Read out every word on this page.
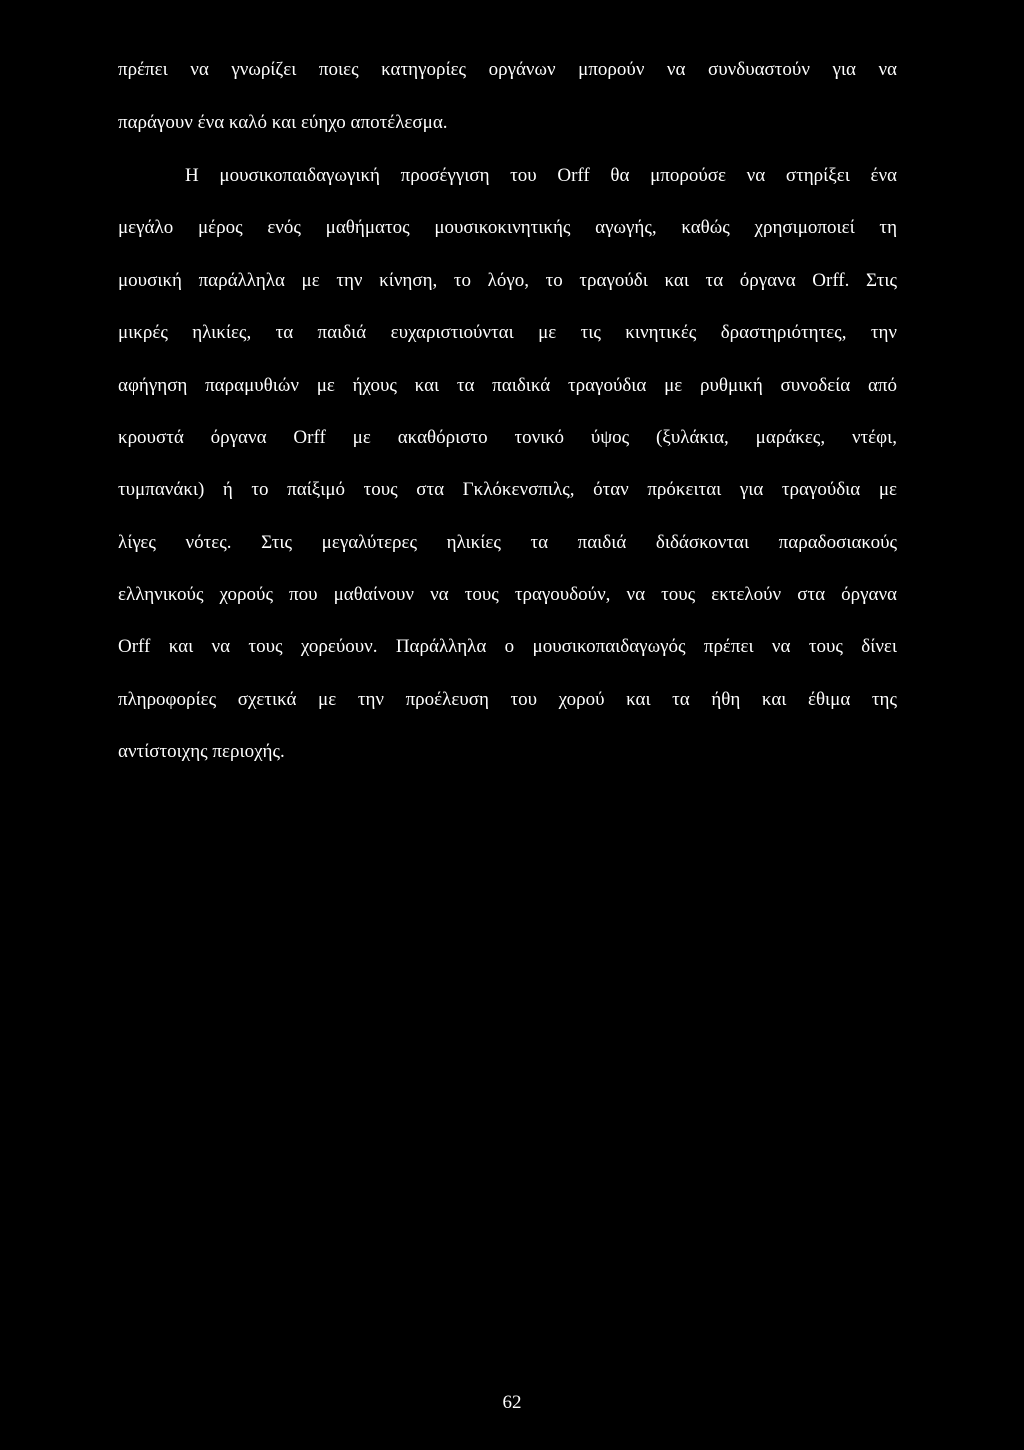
πρέπει να γνωρίζει ποιες κατηγορίες οργάνων μπορούν να συνδυαστούν για να
παράγουν ένα καλό και εύηχο αποτέλεσμα.
Η μουσικοπαιδαγωγική προσέγγιση του Orff θα μπορούσε να στηρίξει ένα
μεγάλο μέρος ενός μαθήματος μουσικοκινητικής αγωγής, καθώς χρησιμοποιεί τη
μουσική παράλληλα με την κίνηση, το λόγο, το τραγούδι και τα όργανα Orff. Στις
μικρές ηλικίες, τα παιδιά ευχαριστιούνται με τις κινητικές δραστηριότητες, την
αφήγηση παραμυθιών με ήχους και τα παιδικά τραγούδια με ρυθμική συνοδεία από
κρουστά όργανα Orff με ακαθόριστο τονικό ύψος (ξυλάκια, μαράκες, ντέφι,
τυμπανάκι) ή το παίξιμό τους στα Γκλόκενσπιλς, όταν πρόκειται για τραγούδια με
λίγες νότες. Στις μεγαλύτερες ηλικίες τα παιδιά διδάσκονται παραδοσιακούς
ελληνικούς χορούς που μαθαίνουν να τους τραγουδούν, να τους εκτελούν στα όργανα
Orff και να τους χορεύουν. Παράλληλα ο μουσικοπαιδαγωγός πρέπει να τους δίνει
πληροφορίες σχετικά με την προέλευση του χορού και τα ήθη και έθιμα της
αντίστοιχης περιοχής.
62
